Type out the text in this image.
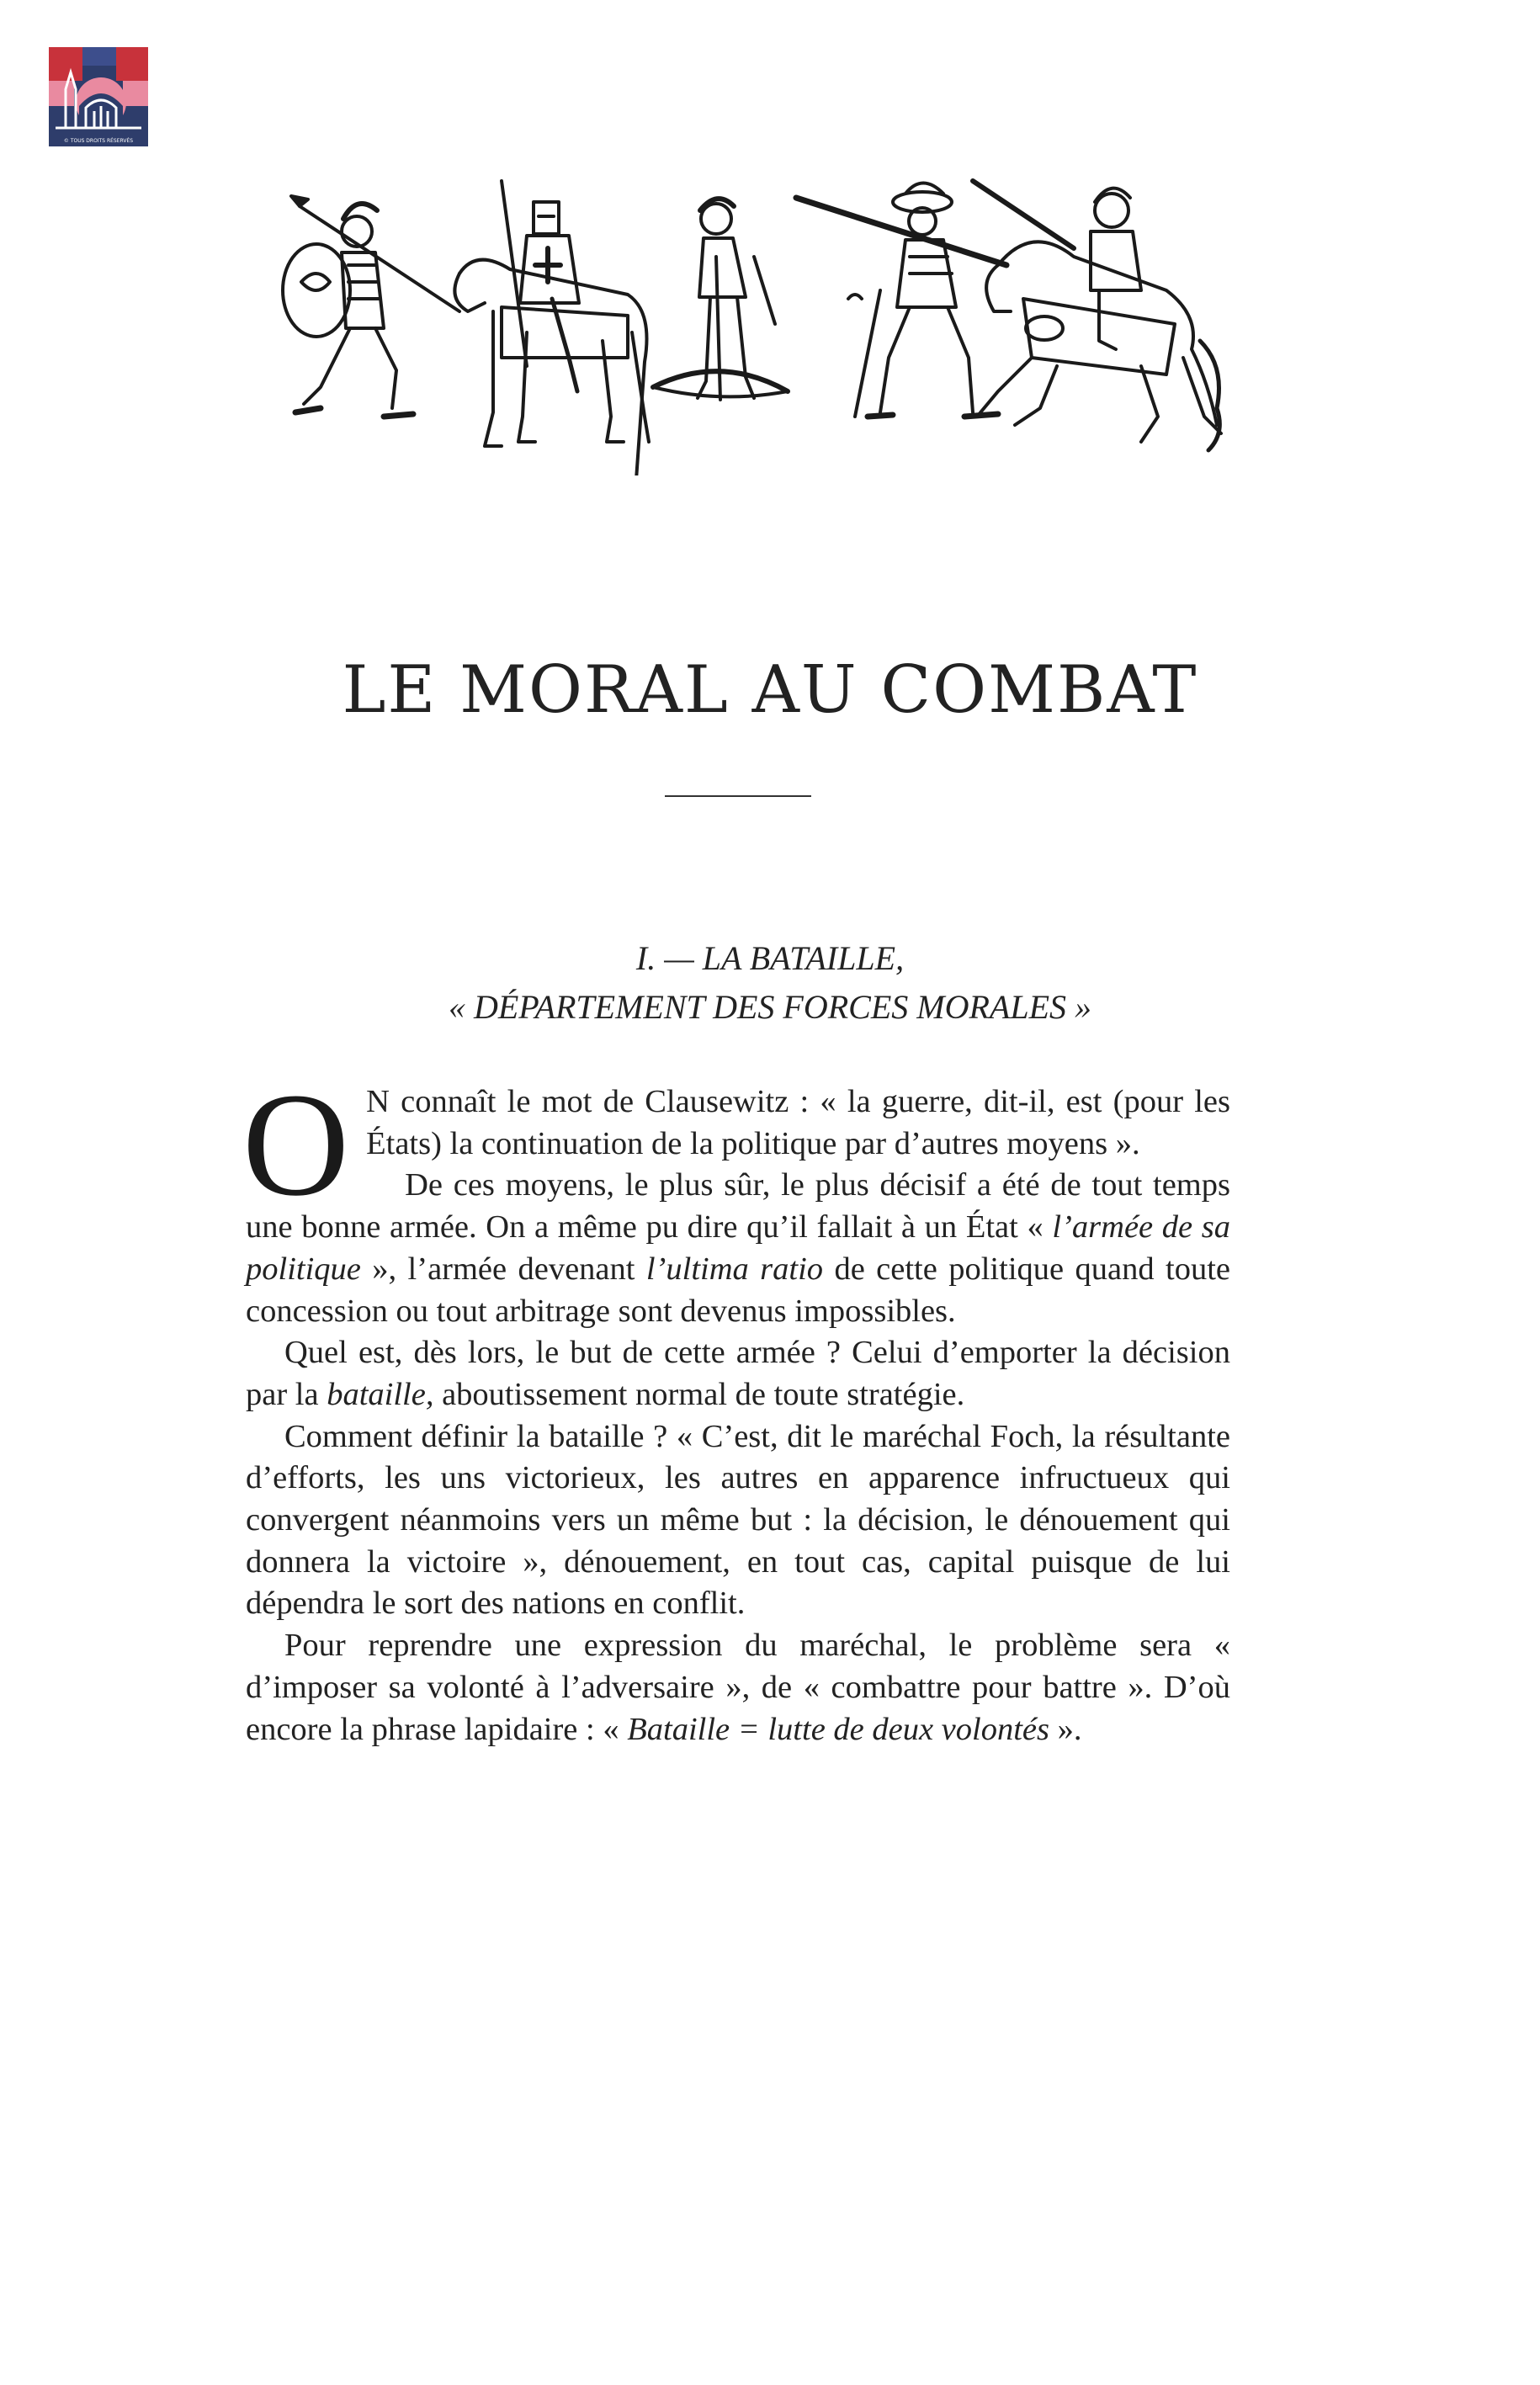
© TOUS DROITS RÉSERVÉS
LE MORAL AU COMBAT
I. — LA BATAILLE,
« DÉPARTEMENT DES FORCES MORALES »

O N connaît le mot de Clausewitz : « la guerre, dit-il, est (pour les États) la continuation de la politique par d’autres moyens ».

De ces moyens, le plus sûr, le plus décisif a été de tout temps une bonne armée. On a même pu dire qu’il fallait à un État « l’armée de sa politique », l’armée devenant l’ultima ratio de cette politique quand toute concession ou tout arbitrage sont devenus impossibles.

Quel est, dès lors, le but de cette armée ? Celui d’emporter la décision par la bataille, aboutissement normal de toute stratégie.

Comment définir la bataille ? « C’est, dit le maréchal Foch, la résultante d’efforts, les uns victorieux, les autres en apparence infructueux qui convergent néanmoins vers un même but : la décision, le dénouement qui donnera la victoire », dénouement, en tout cas, capital puisque de lui dépendra le sort des nations en conflit.

Pour reprendre une expression du maréchal, le problème sera « d’imposer sa volonté à l’adversaire », de « combattre pour battre ». D’où encore la phrase lapidaire : « Bataille = lutte de deux volontés ».
